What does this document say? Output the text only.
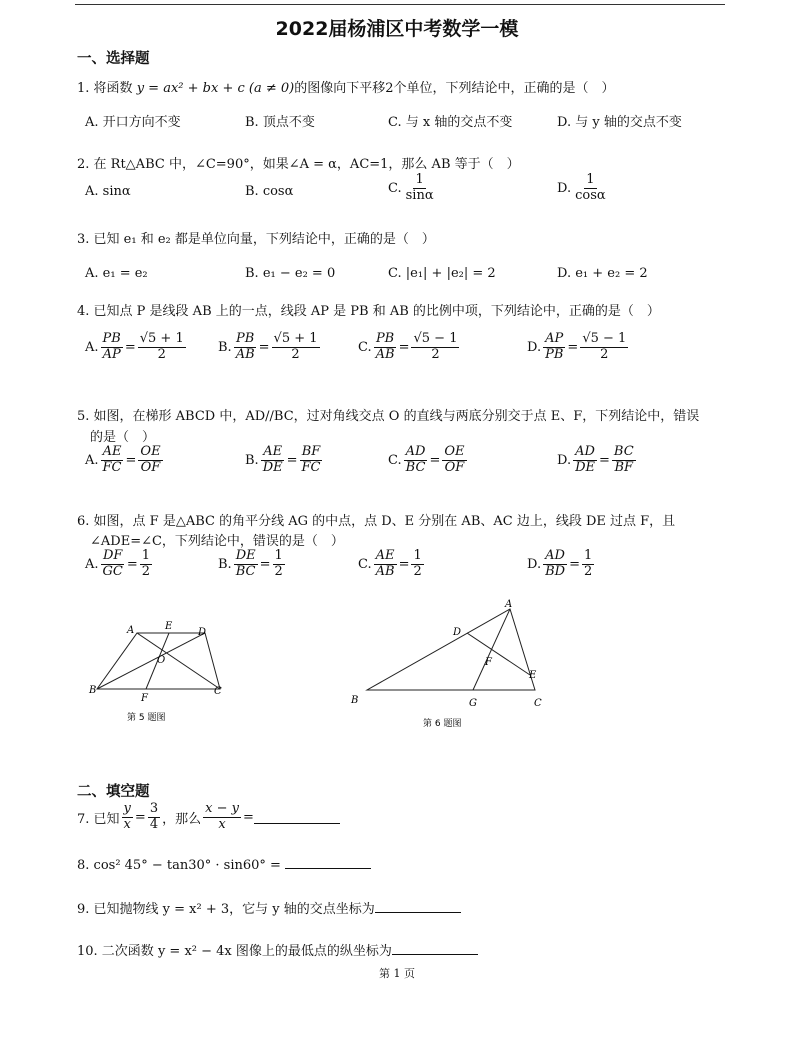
2022届杨浦区中考数学一模
一、选择题
1. 将函数 y = ax² + bx + c (a ≠ 0)的图像向下平移2个单位，下列结论中，正确的是（　）
A. 开口方向不变	B. 顶点不变	C. 与 x 轴的交点不变	D. 与 y 轴的交点不变
2. 在 Rt△ABC 中，∠C=90°，如果∠A = α，AC=1，那么 AB 等于（　）
A. sinα	B. cosα	C. $\frac{1}{\sin\alpha}$	D. $\frac{1}{\cos\alpha}$
3. 已知 e₁ 和 e₂ 都是单位向量，下列结论中，正确的是（　）
A. e₁ = e₂	B. e₁ − e₂ = 0	C. |e₁| + |e₂| = 2	D. e₁ + e₂ = 2
4. 已知点 P 是线段 AB 上的一点，线段 AP 是 PB 和 AB 的比例中项，下列结论中，正确的是（　）
A. $\frac{PB}{AP} = \frac{√5 + 1}{2} B$. $\frac{PB}{AB} = \frac{√5 + 1}{2}$	C. $\frac{PB}{AB} = \frac{√5 - 1}{2}$	D. $\frac{AP}{PB} = \frac{√5 - 1}{2}$
5. 如图，在梯形 ABCD 中，AD//BC，过对角线交点 O 的直线与两底分别交于点 E、F，下列结论中，错误
的是（　）
A. $\frac{AE}{FC} = \frac{OE}{OF}$	B. $\frac{AE}{DE} = \frac{BF}{FC}$	C. $\frac{AD}{BC} = \frac{OE}{OF}$	D. $\frac{AD}{DE} = \frac{BC}{BF}$
6. 如图，点 F 是△ABC 的角平分线 AG 的中点，点 D、E 分别在 AB、AC 边上，线段 DE 过点 F，且
∠ADE=∠C，下列结论中，错误的是（　）
A. $\frac{DF}{GC} = \frac{1}{2}$	B. $\frac{DE}{BC} = \frac{1}{2}$	C. $\frac{AE}{AB} = \frac{1}{2}$	D. $\frac{AD}{BD} = \frac{1}{2}$
A	E
D
O
B
F
C
第 5 题图
A
D
F
E
B	G	C
第 6 题图
二、填空题
7. 已知 $\frac{y}{x} = \frac{3}{4}$ ，那么 $\frac{x - y}{x}$ =
8. cos² 45° − tan30° · sin60° =
9. 已知抛物线 y = x² + 3，它与 y 轴的交点坐标为
10. 二次函数 y = x² − 4x 图像上的最低点的纵坐标为
第 1 页
